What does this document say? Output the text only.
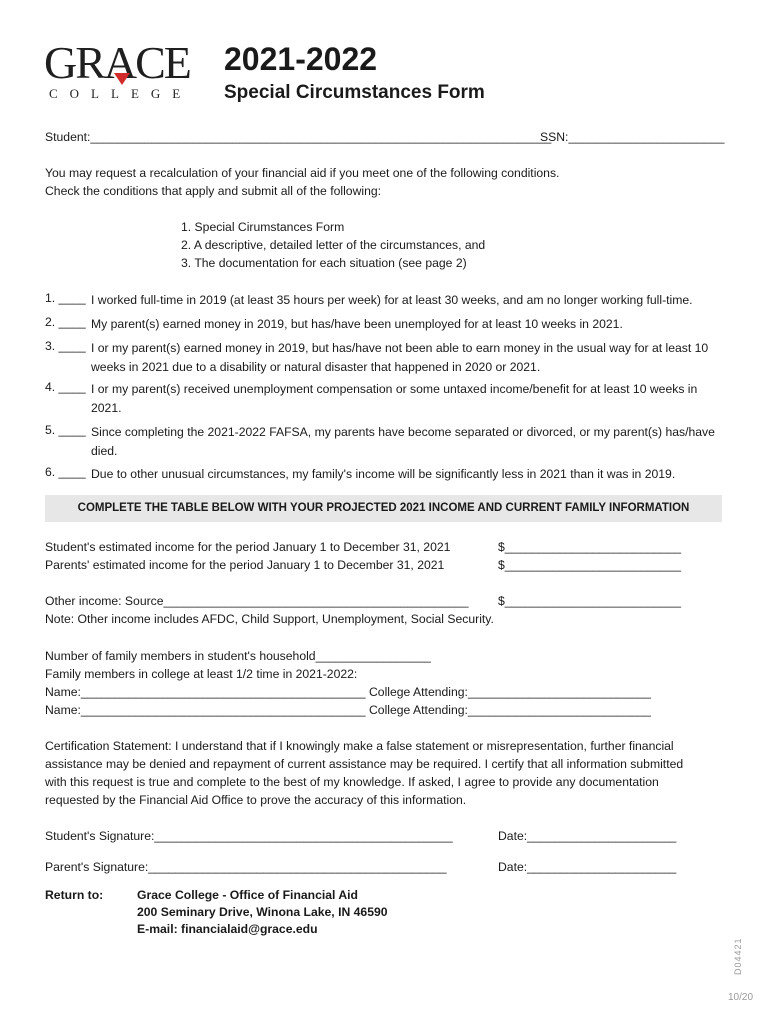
GRACE
COLLEGE
2021-2022
Special Circumstances Form
Student:____________________________________________________________________
SSN:_______________________
You may request a recalculation of your financial aid if you meet one of the following conditions.
Check the conditions that apply and submit all of the following:
1. Special Cirumstances Form
2. A descriptive, detailed letter of the circumstances, and
3. The documentation for each situation (see page 2)
1. ____ I worked full-time in 2019 (at least 35 hours per week) for at least 30 weeks, and am no longer working full-time.
2. ____ My parent(s) earned money in 2019, but has/have been unemployed for at least 10 weeks in 2021.
3. ____ I or my parent(s) earned money in 2019, but has/have not been able to earn money in the usual way for at least 10 weeks in 2021 due to a disability or natural disaster that happened in 2020 or 2021.
4. ____ I or my parent(s) received unemployment compensation or some untaxed income/benefit for at least 10 weeks in 2021.
5. ____ Since completing the 2021-2022 FAFSA, my parents have become separated or divorced, or my parent(s) has/have died.
6. ____ Due to other unusual circumstances, my family's income will be significantly less in 2021 than it was in 2019.
COMPLETE THE TABLE BELOW WITH YOUR PROJECTED 2021 INCOME AND CURRENT FAMILY INFORMATION
Student's estimated income for the period January 1 to December 31, 2021	$__________________________
Parents' estimated income for the period January 1 to December 31, 2021	$__________________________
Other income: Source_____________________________________________ $__________________________
Note: Other income includes AFDC, Child Support, Unemployment, Social Security.
Number of family members in student's household_________________
Family members in college at least 1/2 time in 2021-2022:
Name:__________________________________________ College Attending:___________________________
Name:__________________________________________ College Attending:___________________________
Certification Statement: I understand that if I knowingly make a false statement or misrepresentation, further financial
assistance may be denied and repayment of current assistance may be required. I certify that all information submitted
with this request is true and complete to the best of my knowledge. If asked, I agree to provide any documentation
requested by the Financial Aid Office to prove the accuracy of this information.
Student's Signature:____________________________________________	Date:______________________
Parent's Signature:____________________________________________	Date:______________________
Return to:	Grace College - Office of Financial Aid
200 Seminary Drive, Winona Lake, IN 46590
E-mail: financialaid@grace.edu
D04421
10/20
